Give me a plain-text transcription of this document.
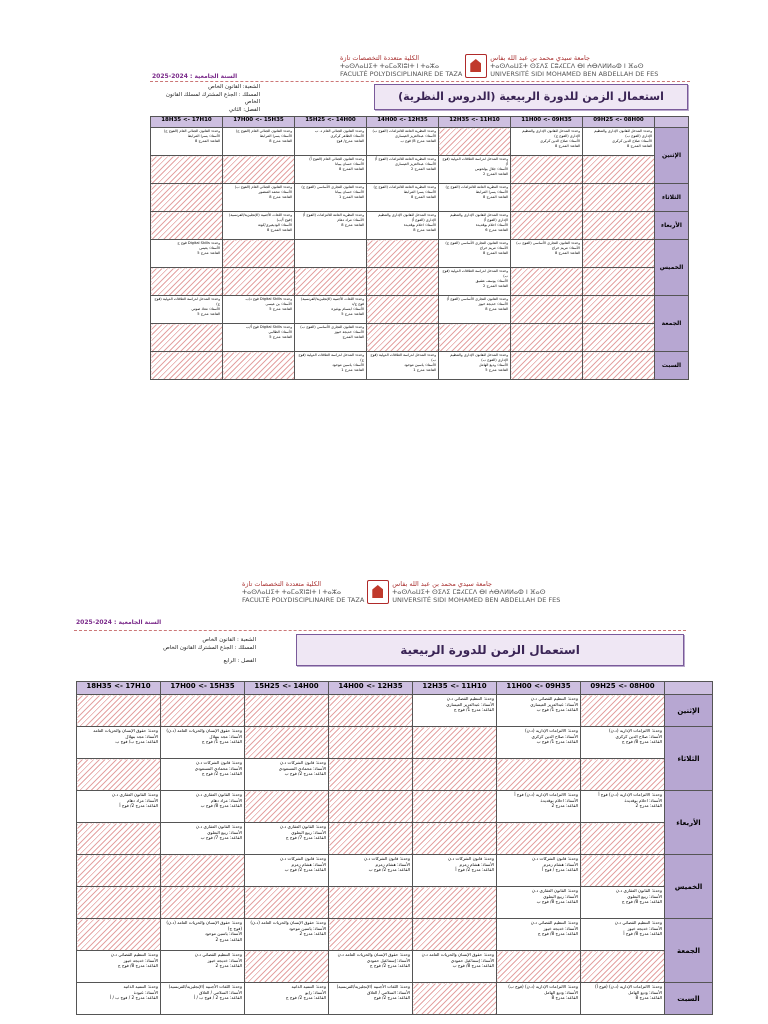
الكلية متعددة التخصصات تازة
ⵜⴰⵙⴷⴰⵡⵉⵜ ⵜⴰⵎⴰⴳⵏⵓⵏⵜ ⵏ ⵜⴰⵣⴰ
FACULTÉ POLYDISCIPLINAIRE DE TAZA
جامعة سيدي محمد بن عبد الله بفاس
ⵜⴰⵙⴷⴰⵡⵉⵜ ⵙⵉⴷⵉ ⵎⵓⵃⵎⵎⴷ ⴱⵏ ⵄⴱⴷⵍⵍⴰⵀ ⵏ ⴼⴰⵙ
UNIVERSITÉ SIDI MOHAMED BEN ABDELLAH DE FES
السنة الجامعية : 2024-2025
الشعبة: القانون الخاص
المسلك : الجذع المشترك لمسلك القانون الخاص
الفصل: الثاني
استعمال الزمن للدورة الربيعية (الدروس النظرية)
18H35 <- 17H10	17H00 <- 15H35	15H25 <- 14H00	14H00 <- 12H35	12H35 <- 11H10	11H00 <- 09H35	09H25 <- 08H00	

وحدة: القانون الجنائي العام (الفوج ج)
الأستاذ: يسرا المرابط
القاعة: المدرج 8	وحدة: القانون الجنائي العام (الفوج ج)
الأستاذ: يسرا المرابط
القاعة: مدرج 8	وحدة: القانون الجنائي العام د. ب
الأستاذ: الطاهر كركري
القاعة: مدرج/ فوج	وحدة: النظرية العامة للالتزامات (الفوج ب)
الأستاذ: عبدالعزيز العيساري
القاعة: مدرج 8/ فوج ب		وحدة: المدخل للقانون الإداري والتنظيم الإداري (الفوج ج)
الأستاذ: صلاح الدين كركري
القاعة: المدرج 8	وحدة: المدخل للقانون الإداري والتنظيم الإداري (الفوج ب)
الأستاذ: صلاح الدين كركري
القاعة: المدرج 8	الإثنين

		وحدة: القانون الجنائي العام (الفوج أ)
الأستاذ: حسان بيبانا
القاعة: المدرج 8	وحدة: النظرية العامة للالتزامات (الفوج أ)
الأستاذ: عبدالعزيز العيساري
القاعة: المدرج 2	وحدة: المدخل لدراسة العلاقات الدولية (فوج أ)
الأستاذ: جلال بولحوس
القاعة: المدرج 2			

	وحدة: القانون الجنائي العام (الفوج ب)
الأستاذ: محمد المنصور
القاعة: مدرج 8	وحدة: القانون التجاري الأساسي (الفوج ج)
الأستاذ: حسان بيبانا
القاعة: المدرج 1	وحدة: النظرية العامة للالتزامات (الفوج ج)
الأستاذ: يسرا المرابط
القاعة: المدرج 8	وحدة: النظرية العامة للالتزامات (الفوج ج)
الأستاذ: يسرا المرابط
القاعة: المدرج 8			الثلاثاء

	وحدة: اللغات الأجنبية (الإنجليزية/الفرنسية) (فوج أ/ب)
الأستاذ: الوديغيري/كونة
القاعة: المدرج 8	وحدة: النظرية العامة للالتزامات (الفوج أ)
الأستاذ: مراد دهام
القاعة: مدرج 8	وحدة: المدخل للقانون الإداري والتنظيم الإداري (الفوج أ)
الأستاذ: احلام بوقديدة
القاعة: مدرج 8	وحدة: المدخل للقانون الإداري والتنظيم الإداري (الفوج أ)
الأستاذ: احلام بوقديدة
القاعة: مدرج 6			الأربعاء

وحدة: Digital Skills فوج ج
الأستاذ: يعيس
القاعة: مدرج 5				وحدة: القانون التجاري الأساسي (الفوج ج)
الأستاذ: مريم خراج
القاعة: المدرج 8	وحدة: القانون التجاري الأساسي (الفوج ب)
الأستاذ: مريم خراج
القاعة: المدرج 8		الخميس

				وحدة: المدخل لدراسة العلاقات الدولية (فوج ب)
الأستاذ: يوسف عشيق
القاعة: المدرج 2			

وحدة: المدخل لدراسة العلاقات الدولية (فوج ج)
الأستاذ: معاذ صوتي
القاعة: مدرج 5	وحدة: Digital Skills فوج د/ب
الأستاذ: بن عيسى
القاعة: مدرج 5	وحدة: اللغات الأجنبية (الإنجليزية/الفرنسية) فوج ج/د
الأستاذ: ابتسام بوغيزة
القاعة: مدرج 5		وحدة: القانون التجاري الأساسي (الفوج أ)
الأستاذ: خديجة خيوز
القاعة: مدرج 8			الجمعة

	وحدة: Digital Skills فوج أ/ب
الأستاذ: الطالبي
القاعة: مدرج 5	وحدة: القانون التجاري الأساسي (الفوج ب)
الأستاذ: خديجة خيوز
القاعة: المدرج					

		وحدة: المدخل لدراسة العلاقات الدولية (فوج ج)
الأستاذ: ياسين موحود
القاعة: مدرج 1	وحدة: المدخل لدراسة العلاقات الدولية (فوج ب)
الأستاذ: ياسين موحود
القاعة: مدرج 1	وحدة: المدخل للقانون الإداري والتنظيم الإداري (الفوج ب)
الأستاذ: وديع الهامل
القاعة: مدرج 5			السبت
الكلية متعددة التخصصات تازة
ⵜⴰⵙⴷⴰⵡⵉⵜ ⵜⴰⵎⴰⴳⵏⵓⵏⵜ ⵏ ⵜⴰⵣⴰ
FACULTÉ POLYDISCIPLINAIRE DE TAZA
جامعة سيدي محمد بن عبد الله بفاس
ⵜⴰⵙⴷⴰⵡⵉⵜ ⵙⵉⴷⵉ ⵎⵓⵃⵎⵎⴷ ⴱⵏ ⵄⴱⴷⵍⵍⴰⵀ ⵏ ⴼⴰⵙ
UNIVERSITÉ SIDI MOHAMED BEN ABDELLAH DE FES
السنة الجامعية : 2024-2025
الشعبة : القانون الخاص
المسلك : الجذع المشترك القانون الخاص
الفصل : الرابع
استعمال الزمن للدورة الربيعية
18H35 <- 17H10	17H00 <- 15H35	15H25 <- 14H00	14H00 <- 12H35	12H35 <- 11H10	11H00 <- 09H35	09H25 <- 08H00	

				وحدة: التنظيم القضائي د.ن
الأستاذ: عبدالعزيز العيساري
القاعة: مدرج 1/ فوج ج	وحدة: التنظيم القضائي د.ن
الأستاذ: عبدالعزيز العيساري
القاعة: مدرج 1/ فوج ب		الإثنين

وحدة: حقوق الإنسان والحريات العامة
الأستاذ: مجد بنهلال
القاعة: مدرج ب/ فوج ب	وحدة: حقوق الإنسان والحريات العامة (د.ن)
الأستاذ: مجد بنهلال
القاعة: مدرج 1/ فوج ج				وحدة: الالتزامات الإدارية (د.ن)
الأستاذ: صلاح الدين كركري
القاعة: مدرج 1/ فوج ب	وحدة: الالتزامات الإدارية (د.ن)
الأستاذ: صلاح الدين كركري
القاعة: مدرج 8/ فوج ج	الثلاثاء

	وحدة: قانون الشركات د.ن
الأستاذ: محمادي المسعودي
القاعة: مدرج 2/ فوج ج	وحدة: قانون الشركات د.ن
الأستاذ: محمادي المسعودي
القاعة: مدرج 2/ فوج ب					

وحدة: القانون العقاري د.ن
الأستاذ: مراد دهام
القاعة: مدرج 2/ فوج أ	وحدة: القانون العقاري د.ن
الأستاذ: مراد دهام
القاعة: مدرج 8/ فوج ب				وحدة: الالتزامات الإدارية (د.ن) فوج أ
الأستاذ: احلام بوقديدة
القاعة: مدرج 2	وحدة: الالتزامات الإدارية (د.ن) فوج أ
الأستاذ: احلام بوقديدة
القاعة: مدرج 2	الأربعاء

	وحدة: القانون العقاري د.ن
الأستاذ: ربيع البعلوي
القاعة: مدرج 7/ فوج ب	وحدة: القانون العقاري د.ن
الأستاذ: ربيع البعلوي
القاعة: مدرج 7/ فوج ج					

		وحدة: قانون الشركات د.ن
الأستاذ: هشام زمزم
القاعة: مدرج 2/ فوج ب	وحدة: قانون الشركات د.ن
الأستاذ: هشام زمزم
القاعة: مدرج 2/ فوج ب	وحدة: قانون الشركات د.ن
الأستاذ: هشام زمزم
القاعة: مدرج 2/ فوج أ	وحدة: قانون الشركات د.ن
الأستاذ: هشام زمزم
القاعة: مدرج / فوج أ		الخميس

					وحدة: القانون العقاري د.ن
الأستاذ: ربيع البعلوي
القاعة: مدرج 8/ فوج ب	وحدة: القانون العقاري د.ن
الأستاذ: ربيع البعلوي
القاعة: مدرج 8/ فوج ج	

	وحدة: حقوق الإنسان والحريات العامة (د.ن)(فوج ج)
الأستاذ: ياسين موحود
القاعة: مدرج 2	وحدة: حقوق الإنسان والحريات العامة (د.ن)
الأستاذ: ياسين موحود
القاعة: مدرج 2			وحدة: التنظيم القضائي د.ن
الأستاذ: خديجة خيوز
القاعة: مدرج 8/ فوج ج	وحدة: التنظيم القضائي د.ن
الأستاذ: خديجة خيوز
القاعة: مدرج 8/ فوج أ	الجمعة

وحدة: التنظيم القضائي د.ن
الأستاذ: خديجة خيوز
القاعة: مدرج 8/ فوج ج	وحدة: التنظيم القضائي د.ن
الأستاذ: خديجة خيوز
القاعة: مدرج 2		وحدة: حقوق الإنسان والحريات العامة د.ن
الأستاذ: إسماعيل حمودي
القاعة: مدرج 2/ فوج ج	وحدة: حقوق الإنسان والحريات العامة د.ن
الأستاذ: إسماعيل حمودي
القاعة: مدرج 8/ فوج ب			

وحدة: التنمية الذاتية
الأستاذ: عبودة
القاعة: مدرج 2 / فوج ب / أ	وحدة: اللغات الأجنبية (الإنجليزية/الفرنسية)
الأستاذ: السلامي / العلاق
القاعة: مدرج 2 / فوج ب / أ	وحدة: التنمية الذاتية
الأستاذ: زايو
القاعة: مدرج 2/ فوج ج	وحدة: اللغات الأجنبية (الإنجليزية/الفرنسية)
الأستاذ: السلامي / العلاق
القاعة: مدرج 2/ فوج		وحدة: الالتزامات الإدارية (د.ن) (فوج ب)
الأستاذ: وديع الهامل
القاعة: مدرج 8	وحدة: الالتزامات الإدارية (د.ن) (فوج أ)
الأستاذ: وديع الهامل
القاعة: مدرج 8	السبت
